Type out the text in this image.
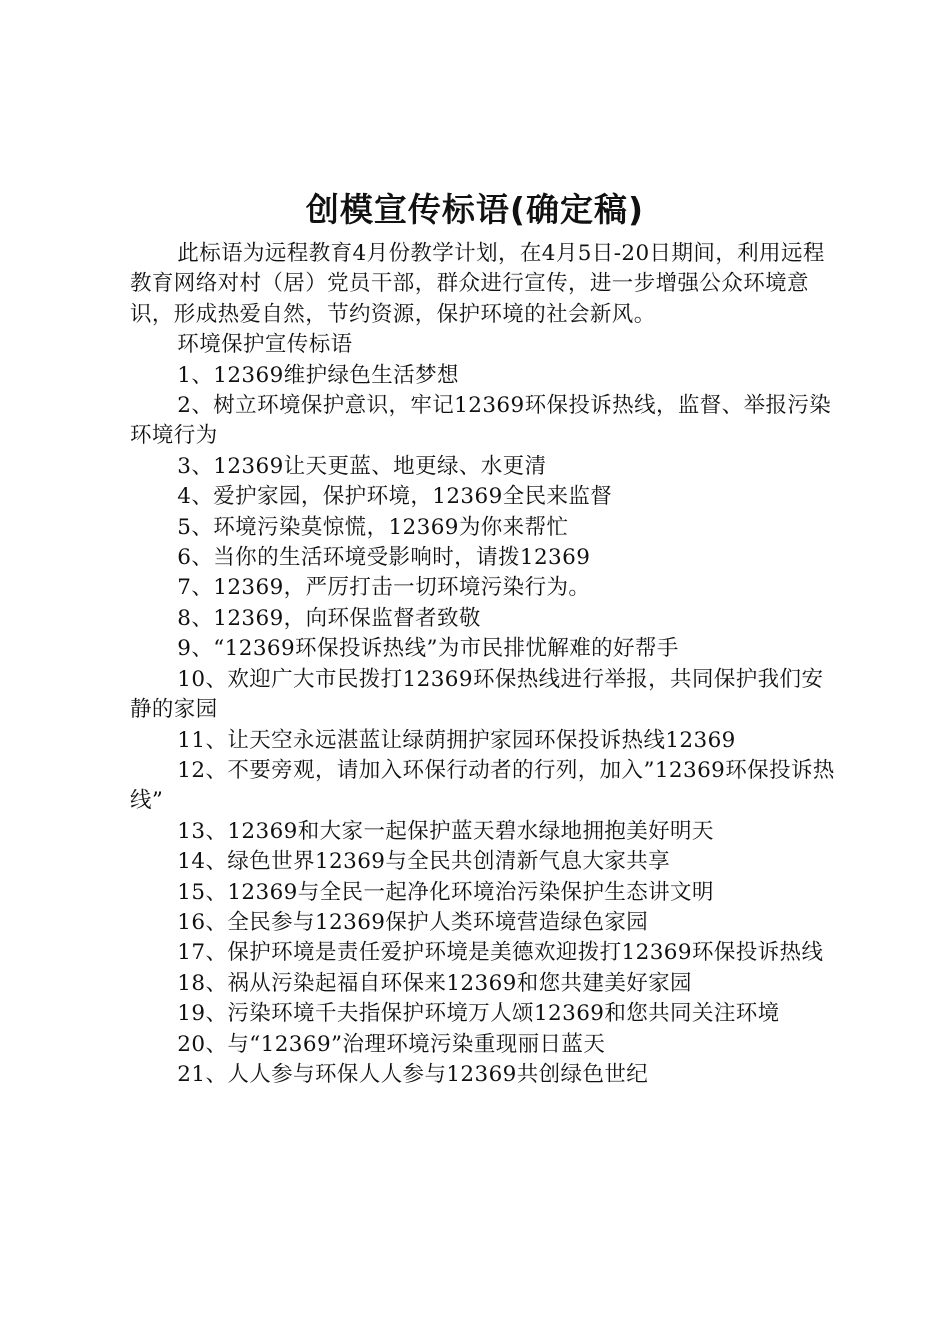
创模宣传标语(确定稿)

此标语为远程教育4月份教学计划，在4月5日-20日期间，利用远程教育网络对村（居）党员干部，群众进行宣传，进一步增强公众环境意识，形成热爱自然，节约资源，保护环境的社会新风。

环境保护宣传标语

1、12369维护绿色生活梦想

2、树立环境保护意识，牢记12369环保投诉热线，监督、举报污染环境行为

3、12369让天更蓝、地更绿、水更清

4、爱护家园，保护环境，12369全民来监督

5、环境污染莫惊慌，12369为你来帮忙

6、当你的生活环境受影响时，请拨12369

7、12369，严厉打击一切环境污染行为。

8、12369，向环保监督者致敬

9、“12369环保投诉热线”为市民排忧解难的好帮手

10、欢迎广大市民拨打12369环保热线进行举报，共同保护我们安静的家园

11、让天空永远湛蓝让绿荫拥护家园环保投诉热线12369

12、不要旁观，请加入环保行动者的行列，加入”12369环保投诉热线”

13、12369和大家一起保护蓝天碧水绿地拥抱美好明天

14、绿色世界12369与全民共创清新气息大家共享

15、12369与全民一起净化环境治污染保护生态讲文明

16、全民参与12369保护人类环境营造绿色家园

17、保护环境是责任爱护环境是美德欢迎拨打12369环保投诉热线

18、祸从污染起福自环保来12369和您共建美好家园

19、污染环境千夫指保护环境万人颂12369和您共同关注环境

20、与“12369”治理环境污染重现丽日蓝天

21、人人参与环保人人参与12369共创绿色世纪
